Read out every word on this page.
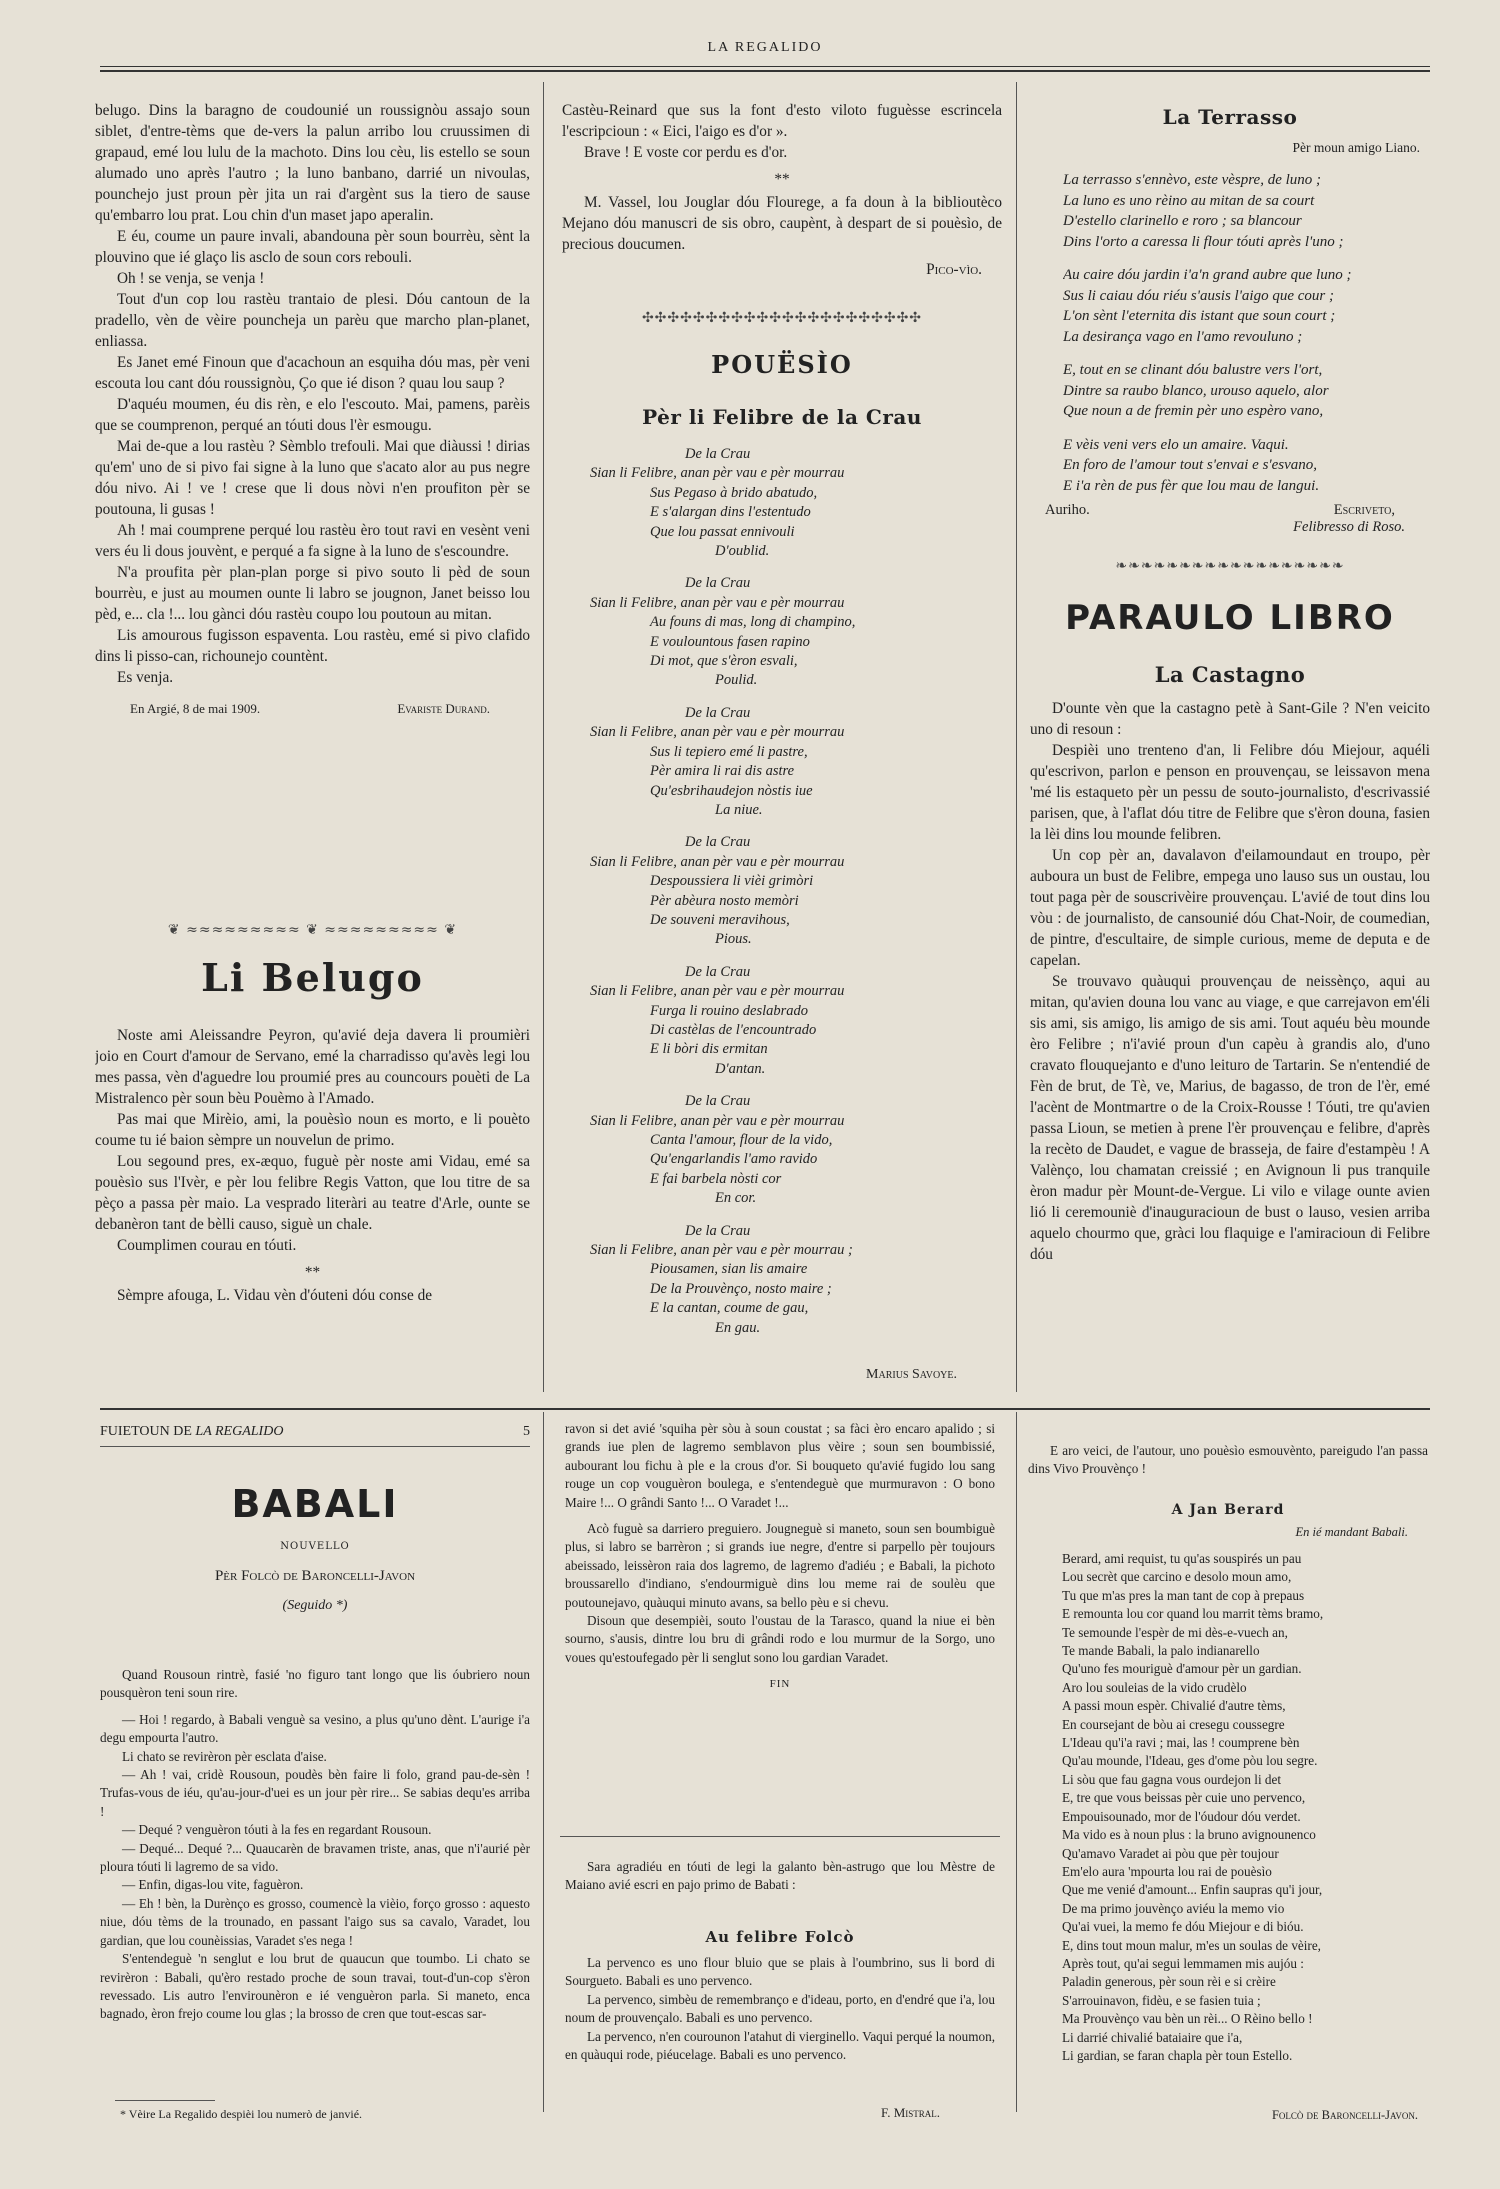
LA REGALIDO

belugo. Dins la baragno de coudounié un roussignòu assajo soun siblet, d'entre-tèms que de-vers la palun arribo lou cruussimen di grapaud, emé lou lulu de la machoto. Dins lou cèu, lis estello se soun alumado uno après l'autro ; la luno banbano, darrié un nivoulas, pounchejo just proun pèr jita un rai d'argènt sus la tiero de sause qu'embarro lou prat. Lou chin d'un maset japo aperalin.

E éu, coume un paure invali, abandouna pèr soun bourrèu, sènt la plouvino que ié glaço lis asclo de soun cors rebouli.

Oh ! se venja, se venja !

Tout d'un cop lou rastèu trantaio de plesi. Dóu cantoun de la pradello, vèn de vèire pouncheja un parèu que marcho plan-planet, enliassa.

Es Janet emé Finoun que d'acachoun an esquiha dóu mas, pèr veni escouta lou cant dóu roussignòu, Ço que ié dison ? quau lou saup ?

D'aquéu moumen, éu dis rèn, e elo l'escouto. Mai, pamens, parèis que se coumprenon, perqué an tóuti dous l'èr esmougu.

Mai de-que a lou rastèu ? Sèmblo trefouli. Mai que diàussi ! dirias qu'em' uno de si pivo fai signe à la luno que s'acato alor au pus negre dóu nivo. Ai ! ve ! crese que li dous nòvi n'en proufiton pèr se poutouna, li gusas !

Ah ! mai coumprene perqué lou rastèu èro tout ravi en vesènt veni vers éu li dous jouvènt, e perqué a fa signe à la luno de s'escoundre.

N'a proufita pèr plan-plan porge si pivo souto li pèd de soun bourrèu, e just au moumen ounte li labro se jougnon, Janet beisso lou pèd, e... cla !... lou gànci dóu rastèu coupo lou poutoun au mitan.

Lis amourous fugisson espaventa. Lou rastèu, emé si pivo clafido dins li pisso-can, richounejo countènt.

Es venja.

En Argié, 8 de mai 1909.	Evariste Durand.
❦ ≈≈≈≈≈≈≈≈≈ ❦ ≈≈≈≈≈≈≈≈≈ ❦
Li Belugo

Noste ami Aleissandre Peyron, qu'avié deja davera li proumièri joio en Court d'amour de Servano, emé la charradisso qu'avès legi lou mes passa, vèn d'aguedre lou proumié pres au councours pouèti de La Mistralenco pèr soun bèu Pouèmo à l'Amado.

Pas mai que Mirèio, ami, la pouèsìo noun es morto, e li pouèto coume tu ié baion sèmpre un nouvelun de primo.

Lou segound pres, ex-æquo, fuguè pèr noste ami Vidau, emé sa pouèsìo sus l'Ivèr, e pèr lou felibre Regis Vatton, que lou titre de sa pèço a passa pèr maio. La vesprado literàri au teatre d'Arle, ounte se debanèron tant de bèlli causo, siguè un chale.

Coumplimen courau en tóuti.

**

Sèmpre afouga, L. Vidau vèn d'óuteni dóu conse de

Castèu-Reinard que sus la font d'esto viloto fuguèsse escrincela l'escripcioun : « Eici, l'aigo es d'or ».

Brave ! E voste cor perdu es d'or.

**

M. Vassel, lou Jouglar dóu Flourege, a fa doun à la biblioutèco Mejano dóu manuscri de sis obro, caupènt, à despart de si pouèsìo, de precious doucumen.

Pico-vìo.
✣✣✣✣✣✣✣✣✣✣✣✣✣✣✣✣✣✣✣✣✣✣
POUËSÌO
Pèr li Felibre de la Crau
De la Crau
Sian li Felibre, anan pèr vau e pèr mourrau
Sus Pegaso à brido abatudo,
E s'alargan dins l'estentudo
Que lou passat ennivouli
D'oublid.
De la Crau
Sian li Felibre, anan pèr vau e pèr mourrau
Au founs di mas, long di champino,
E voulountous fasen rapino
Di mot, que s'èron esvali,
Poulid.
De la Crau
Sian li Felibre, anan pèr vau e pèr mourrau
Sus li tepiero emé li pastre,
Pèr amira li rai dis astre
Qu'esbrihaudejon nòstis iue
La niue.
De la Crau
Sian li Felibre, anan pèr vau e pèr mourrau
Despoussiera li vièi grimòri
Pèr abèura nosto memòri
De souveni meravihous,
Pious.
De la Crau
Sian li Felibre, anan pèr vau e pèr mourrau
Furga li rouino deslabrado
Di castèlas de l'encountrado
E li bòri dis ermitan
D'antan.
De la Crau
Sian li Felibre, anan pèr vau e pèr mourrau
Canta l'amour, flour de la vido,
Qu'engarlandis l'amo ravido
E fai barbela nòsti cor
En cor.
De la Crau
Sian li Felibre, anan pèr vau e pèr mourrau ;
Piousamen, sian lis amaire
De la Prouvènço, nosto maire ;
E la cantan, coume de gau,
En gau.
Marius Savoye.
La Terrasso
Pèr moun amigo Liano.
La terrasso s'ennèvo, este vèspre, de luno ;
La luno es uno rèino au mitan de sa court
D'estello clarinello e roro ; sa blancour
Dins l'orto a caressa li flour tóuti après l'uno ;
Au caire dóu jardin i'a'n grand aubre que luno ;
Sus li caiau dóu riéu s'ausis l'aigo que cour ;
L'on sènt l'eternita dis istant que soun court ;
La desirança vago en l'amo revouluno ;
E, tout en se clinant dóu balustre vers l'ort,
Dintre sa raubo blanco, urouso aquelo, alor
Que noun a de fremin pèr uno espèro vano,
E vèis veni vers elo un amaire. Vaqui.
En foro de l'amour tout s'envai e s'esvano,
E i'a rèn de pus fèr que lou mau de langui.
Auriho.	Escriveto,
Felibresso di Roso.
❧❧❧❧❧❧❧❧❧❧❧❧❧❧❧❧❧❧
PARAULO LIBRO
La Castagno

D'ounte vèn que la castagno petè à Sant-Gile ? N'en veicito uno di resoun :

Despièi uno trenteno d'an, li Felibre dóu Miejour, aquéli qu'escrivon, parlon e penson en prouvençau, se leissavon mena 'mé lis estaqueto pèr un pessu de souto-journalisto, d'escrivassié parisen, que, à l'aflat dóu titre de Felibre que s'èron douna, fasien la lèi dins lou mounde felibren.

Un cop pèr an, davalavon d'eilamoundaut en troupo, pèr auboura un bust de Felibre, empega uno lauso sus un oustau, lou tout paga pèr de souscrivèire prouvençau. L'avié de tout dins lou vòu : de journalisto, de cansounié dóu Chat-Noir, de coumedian, de pintre, d'escultaire, de simple curious, meme de deputa e de capelan.

Se trouvavo quàuqui prouvençau de neissènço, aqui au mitan, qu'avien douna lou vanc au viage, e que carrejavon em'éli sis ami, sis amigo, lis amigo de sis ami. Tout aquéu bèu mounde èro Felibre ; n'i'avié proun d'un capèu à grandis alo, d'uno cravato flouquejanto e d'uno leituro de Tartarin. Se n'entendié de Fèn de brut, de Tè, ve, Marius, de bagasso, de tron de l'èr, emé l'acènt de Montmartre o de la Croix-Rousse ! Tóuti, tre qu'avien passa Lioun, se metien à prene l'èr prouvençau e felibre, d'après la recèto de Daudet, e vague de brasseja, de faire d'estampèu ! A Valènço, lou chamatan creissié ; en Avignoun li pus tranquile èron madur pèr Mount-de-Vergue. Li vilo e vilage ounte avien lió li ceremouniè d'inauguracioun de bust o lauso, vesien arriba aquelo chourmo que, gràci lou flaquige e l'amiracioun di Felibre dóu

FUIETOUN DE LA REGALIDO	5
BABALI
NOUVELLO
Pèr Folcò de Baroncelli-Javon
(Seguido *)

Quand Rousoun rintrè, fasié 'no figuro tant longo que lis óubriero noun pousquèron teni soun rire.

— Hoi ! regardo, à Babali venguè sa vesino, a plus qu'uno dènt. L'aurige i'a degu empourta l'autro.

Li chato se revirèron pèr esclata d'aise.

— Ah ! vai, cridè Rousoun, poudès bèn faire li folo, grand pau-de-sèn ! Trufas-vous de iéu, qu'au-jour-d'uei es un jour pèr rire... Se sabias dequ'es arriba !

— Dequé ? venguèron tóuti à la fes en regardant Rousoun.

— Dequé... Dequé ?... Quaucarèn de bravamen triste, anas, que n'i'aurié pèr ploura tóuti li lagremo de sa vido.

— Enfin, digas-lou vite, faguèron.

— Eh ! bèn, la Durènço es grosso, coumencè la vièio, forço grosso : aquesto niue, dóu tèms de la trounado, en passant l'aigo sus sa cavalo, Varadet, lou gardian, que lou counèissias, Varadet s'es nega !

S'entendeguè 'n senglut e lou brut de quaucun que toumbo. Li chato se revirèron : Babali, qu'èro restado proche de soun travai, tout-d'un-cop s'èron revessado. Lis autro l'envirounèron e ié venguèron parla. Si maneto, enca bagnado, èron frejo coume lou glas ; la brosso de cren que tout-escas sar-

* Vèire La Regalido despièi lou numerò de janvié.

ravon si det avié 'squiha pèr sòu à soun coustat ; sa fàci èro encaro apalido ; si grands iue plen de lagremo semblavon plus vèire ; soun sen boumbissié, aubourant lou fichu à ple e la crous d'or. Si bouqueto qu'avié fugido lou sang rouge un cop vouguèron boulega, e s'entendeguè que murmuravon : O bono Maire !... O grândi Santo !... O Varadet !...

Acò fuguè sa darriero preguiero. Jougneguè si maneto, soun sen boumbiguè plus, si labro se barrèron ; si grands iue negre, d'entre si parpello pèr toujours abeissado, leissèron raia dos lagremo, de lagremo d'adiéu ; e Babali, la pichoto broussarello d'indiano, s'endourmiguè dins lou meme rai de soulèu que poutounejavo, quàuqui minuto avans, sa bello pèu e si chevu.

Disoun que desempièi, souto l'oustau de la Tarasco, quand la niue ei bèn sourno, s'ausis, dintre lou bru di grândi rodo e lou murmur de la Sorgo, uno voues qu'estoufegado pèr li senglut sono lou gardian Varadet.

FIN

Sara agradiéu en tóuti de legi la galanto bèn-astrugo que lou Mèstre de Maiano avié escri en pajo primo de Babati :

Au felibre Folcò

La pervenco es uno flour bluio que se plais à l'oumbrino, sus li bord di Sourgueto. Babali es uno pervenco.

La pervenco, simbèu de remembranço e d'ideau, porto, en d'endré que i'a, lou noum de prouvençalo. Babali es uno pervenco.

La pervenco, n'en courounon l'atahut di vierginello. Vaqui perqué la noumon, en quàuqui rode, piéucelage. Babali es uno pervenco.

F. Mistral.

E aro veici, de l'autour, uno pouèsìo esmouvènto, pareigudo l'an passa dins Vivo Prouvènço !

A Jan Berard
En ié mandant Babali.
Berard, ami requist, tu qu'as souspirés un pau
Lou secrèt que carcino e desolo moun amo,
Tu que m'as pres la man tant de cop à prepaus
E remounta lou cor quand lou marrit tèms bramo,
Te semounde l'espèr de mi dès-e-vuech an,
Te mande Babali, la palo indianarello
Qu'uno fes mouriguè d'amour pèr un gardian.
Aro lou souleias de la vido crudèlo
A passi moun espèr. Chivalié d'autre tèms,
En coursejant de bòu ai cresegu coussegre
L'Ideau qu'i'a ravi ; mai, las ! coumprene bèn
Qu'au mounde, l'Ideau, ges d'ome pòu lou segre.
Li sòu que fau gagna vous ourdejon li det
E, tre que vous beissas pèr cuie uno pervenco,
Empouisounado, mor de l'óudour dóu verdet.
Ma vido es à noun plus : la bruno avignounenco
Qu'amavo Varadet ai pòu que pèr toujour
Em'elo aura 'mpourta lou rai de pouèsìo
Que me venié d'amount... Enfin saupras qu'i jour,
De ma primo jouvènço aviéu la memo vio
Qu'ai vuei, la memo fe dóu Miejour e di bióu.
E, dins tout moun malur, m'es un soulas de vèire,
Après tout, qu'ai segui lemmamen mis aujóu :
Paladin generous, pèr soun rèi e si crèire
S'arrouinavon, fidèu, e se fasien tuia ;
Ma Prouvènço vau bèn un rèi... O Rèino bello !
Li darrié chivalié bataiaire que i'a,
Li gardian, se faran chapla pèr toun Estello.
Folcò de Baroncelli-Javon.
